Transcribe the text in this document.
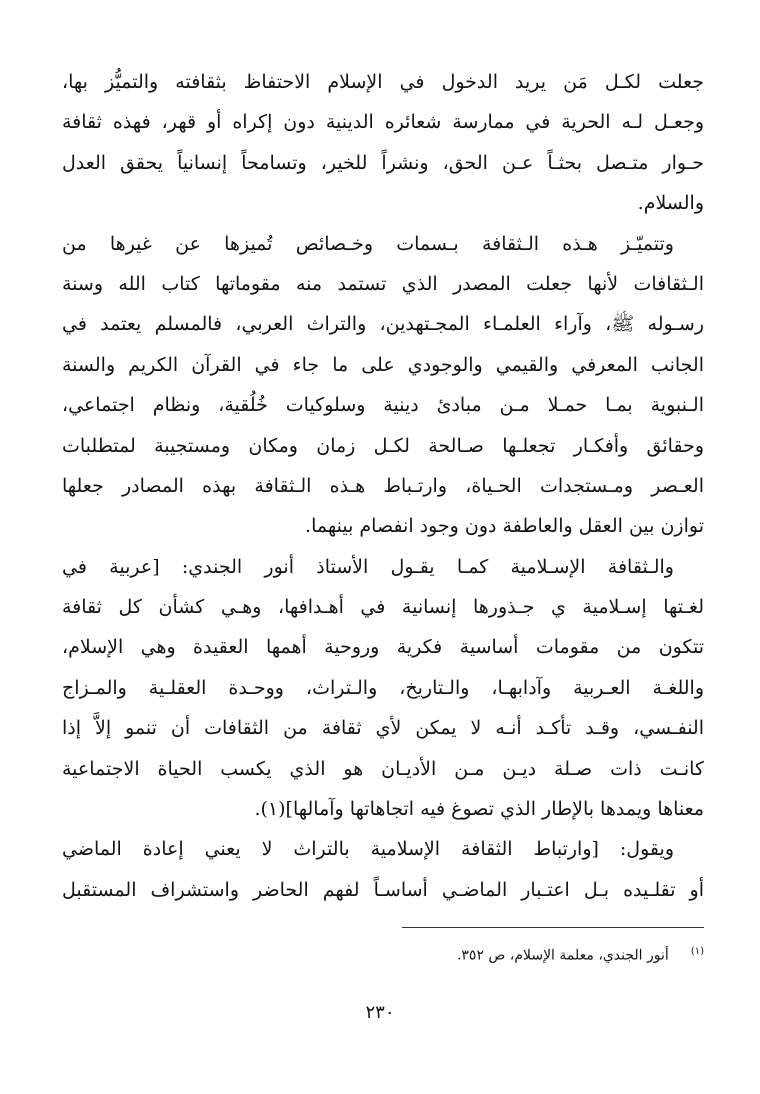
جعلت لكـل مَن يريد الدخول في الإسلام الاحتفاظ بثقافته والتميُّز بها،
وجعـل لـه الحرية في ممارسة شعائره الدينية دون إكراه أو قهر، فهذه ثقافة
حـوار متـصل بحثـاً عـن الحق، ونشراً للخير، وتسامحاً إنسانياً يحقق العدل
والسلام.
وتتميّـز هـذه الـثقافة بـسمات وخـصائص تُميزها عن غيرها من
الـثقافات لأنها جعلت المصدر الذي تستمد منه مقوماتها كتاب الله وسنة
رسـوله ﷺ، وآراء العلمـاء المجـتهدين، والتراث العربي، فالمسلم يعتمد في
الجانب المعرفي والقيمي والوجودي على ما جاء في القرآن الكريم والسنة
الـنبوية بمـا حمـلا مـن مبادئ دينية وسلوكيات خُلُقية، ونظام اجتماعي،
وحقائق وأفكـار تجعلـها صـالحة لكـل زمان ومكان ومستجيبة لمتطلبات
العـصر ومـستجدات الحـياة، وارتـباط هـذه الـثقافة بهذه المصادر جعلها
توازن بين العقل والعاطفة دون وجود انفصام بينهما.
والـثقافة الإسـلامية كمـا يقـول الأستاذ أنور الجندي: [عربية في
لغـتها إسـلامية ي جـذورها إنسانية في أهـدافها، وهـي كشأن كل ثقافة
تتكون من مقومات أساسية فكرية وروحية أهمها العقيدة وهي الإسلام،
واللغـة العـربية وآدابهـا، والـتاريخ، والـتراث، ووحـدة العقلـية والمـزاج
النفـسي، وقـد تأكـد أنـه لا يمكن لأي ثقافة من الثقافات أن تنمو إلاَّ إذا
كانـت ذات صـلة ديـن مـن الأديـان هو الذي يكسب الحياة الاجتماعية
معناها ويمدها بالإطار الذي تصوغ فيه اتجاهاتها وآمالها](١).
ويقول: [وارتباط الثقافة الإسلامية بالتراث لا يعني إعادة الماضي
أو تقلـيده بـل اعتـبار الماضـي أساسـاً لفهم الحاضر واستشراف المستقبل
$^{(١)}$أنور الجندي، معلمة الإسلام، ص ٣٥٢.
٢٣٠
